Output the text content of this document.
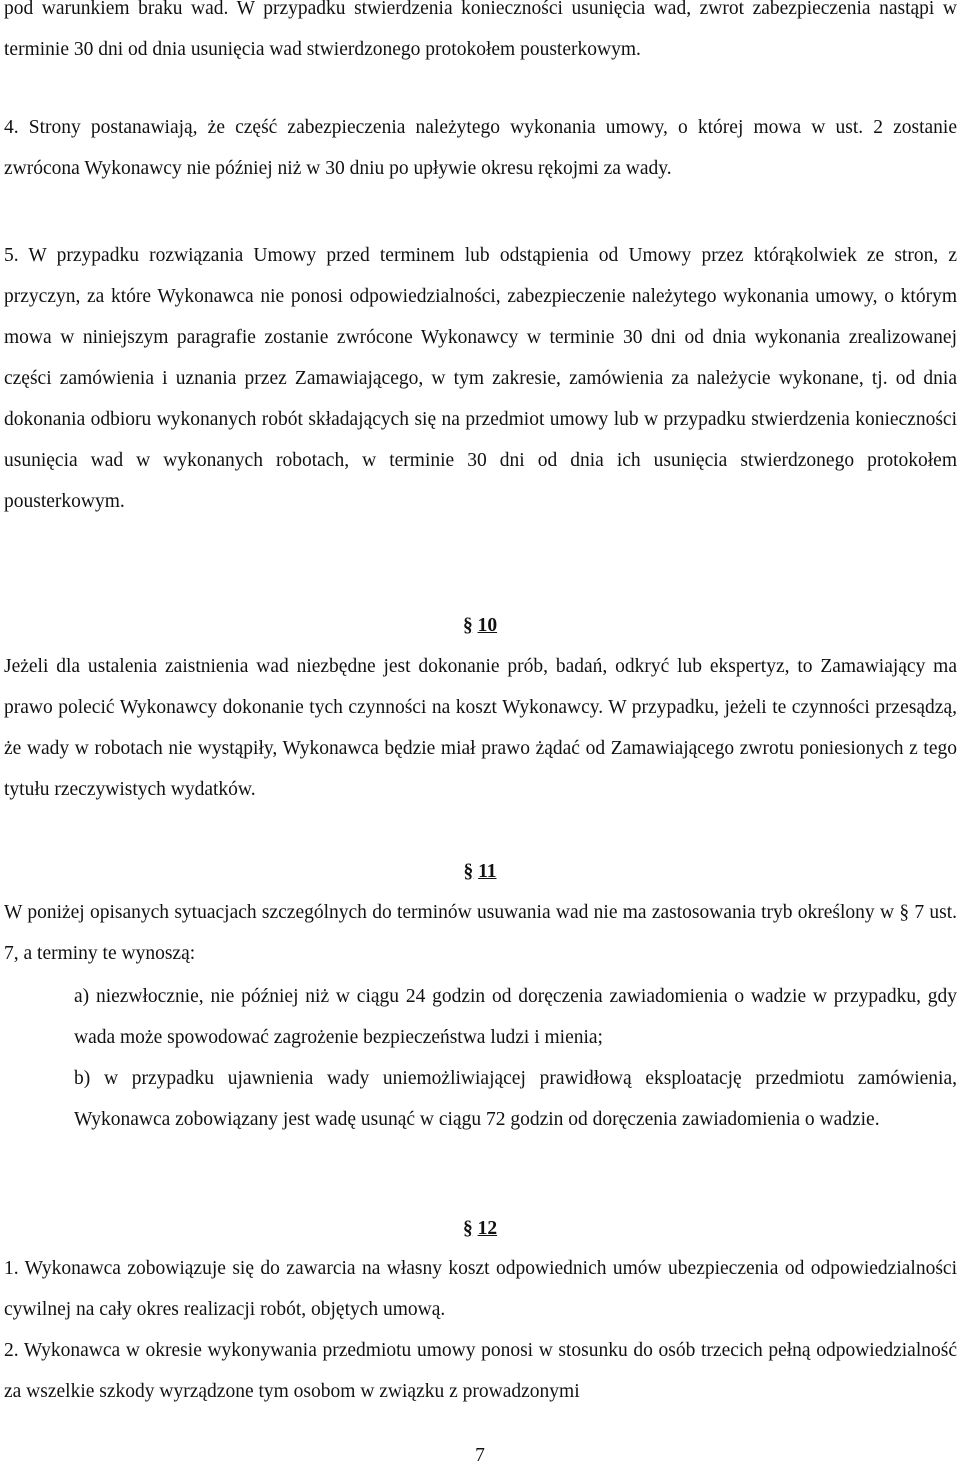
pod warunkiem braku wad. W przypadku stwierdzenia konieczności usunięcia wad, zwrot zabezpieczenia nastąpi w terminie 30 dni od dnia usunięcia wad stwierdzonego protokołem pousterkowym.

4. Strony postanawiają, że część zabezpieczenia należytego wykonania umowy, o której mowa w ust. 2 zostanie zwrócona Wykonawcy nie później niż w 30 dniu po upływie okresu rękojmi za wady.

5. W przypadku rozwiązania Umowy przed terminem lub odstąpienia od Umowy przez którąkolwiek ze stron, z przyczyn, za które Wykonawca nie ponosi odpowiedzialności, zabezpieczenie należytego wykonania umowy, o którym mowa w niniejszym paragrafie zostanie zwrócone Wykonawcy w terminie 30 dni od dnia wykonania zrealizowanej części zamówienia i uznania przez Zamawiającego, w tym zakresie, zamówienia za należycie wykonane, tj. od dnia dokonania odbioru wykonanych robót składających się na przedmiot umowy lub w przypadku stwierdzenia konieczności usunięcia wad w wykonanych robotach, w terminie 30 dni od dnia ich usunięcia stwierdzonego protokołem pousterkowym.

§ 10

Jeżeli dla ustalenia zaistnienia wad niezbędne jest dokonanie prób, badań, odkryć lub ekspertyz, to Zamawiający ma prawo polecić Wykonawcy dokonanie tych czynności na koszt Wykonawcy. W przypadku, jeżeli te czynności przesądzą, że wady w robotach nie wystąpiły, Wykonawca będzie miał prawo żądać od Zamawiającego zwrotu poniesionych z tego tytułu rzeczywistych wydatków.

§ 11

W poniżej opisanych sytuacjach szczególnych do terminów usuwania wad nie ma zastosowania tryb określony w § 7 ust. 7, a terminy te wynoszą:

a) niezwłocznie, nie później niż w ciągu 24 godzin od doręczenia zawiadomienia o wadzie w przypadku, gdy wada może spowodować zagrożenie bezpieczeństwa ludzi i mienia;

b) w przypadku ujawnienia wady uniemożliwiającej prawidłową eksploatację przedmiotu zamówienia, Wykonawca zobowiązany jest wadę usunąć w ciągu 72 godzin od doręczenia zawiadomienia o wadzie.

§ 12

1. Wykonawca zobowiązuje się do zawarcia na własny koszt odpowiednich umów ubezpieczenia od odpowiedzialności cywilnej na cały okres realizacji robót, objętych umową.

2. Wykonawca w okresie wykonywania przedmiotu umowy ponosi w stosunku do osób trzecich pełną odpowiedzialność za wszelkie szkody wyrządzone tym osobom w związku z prowadzonymi

7
